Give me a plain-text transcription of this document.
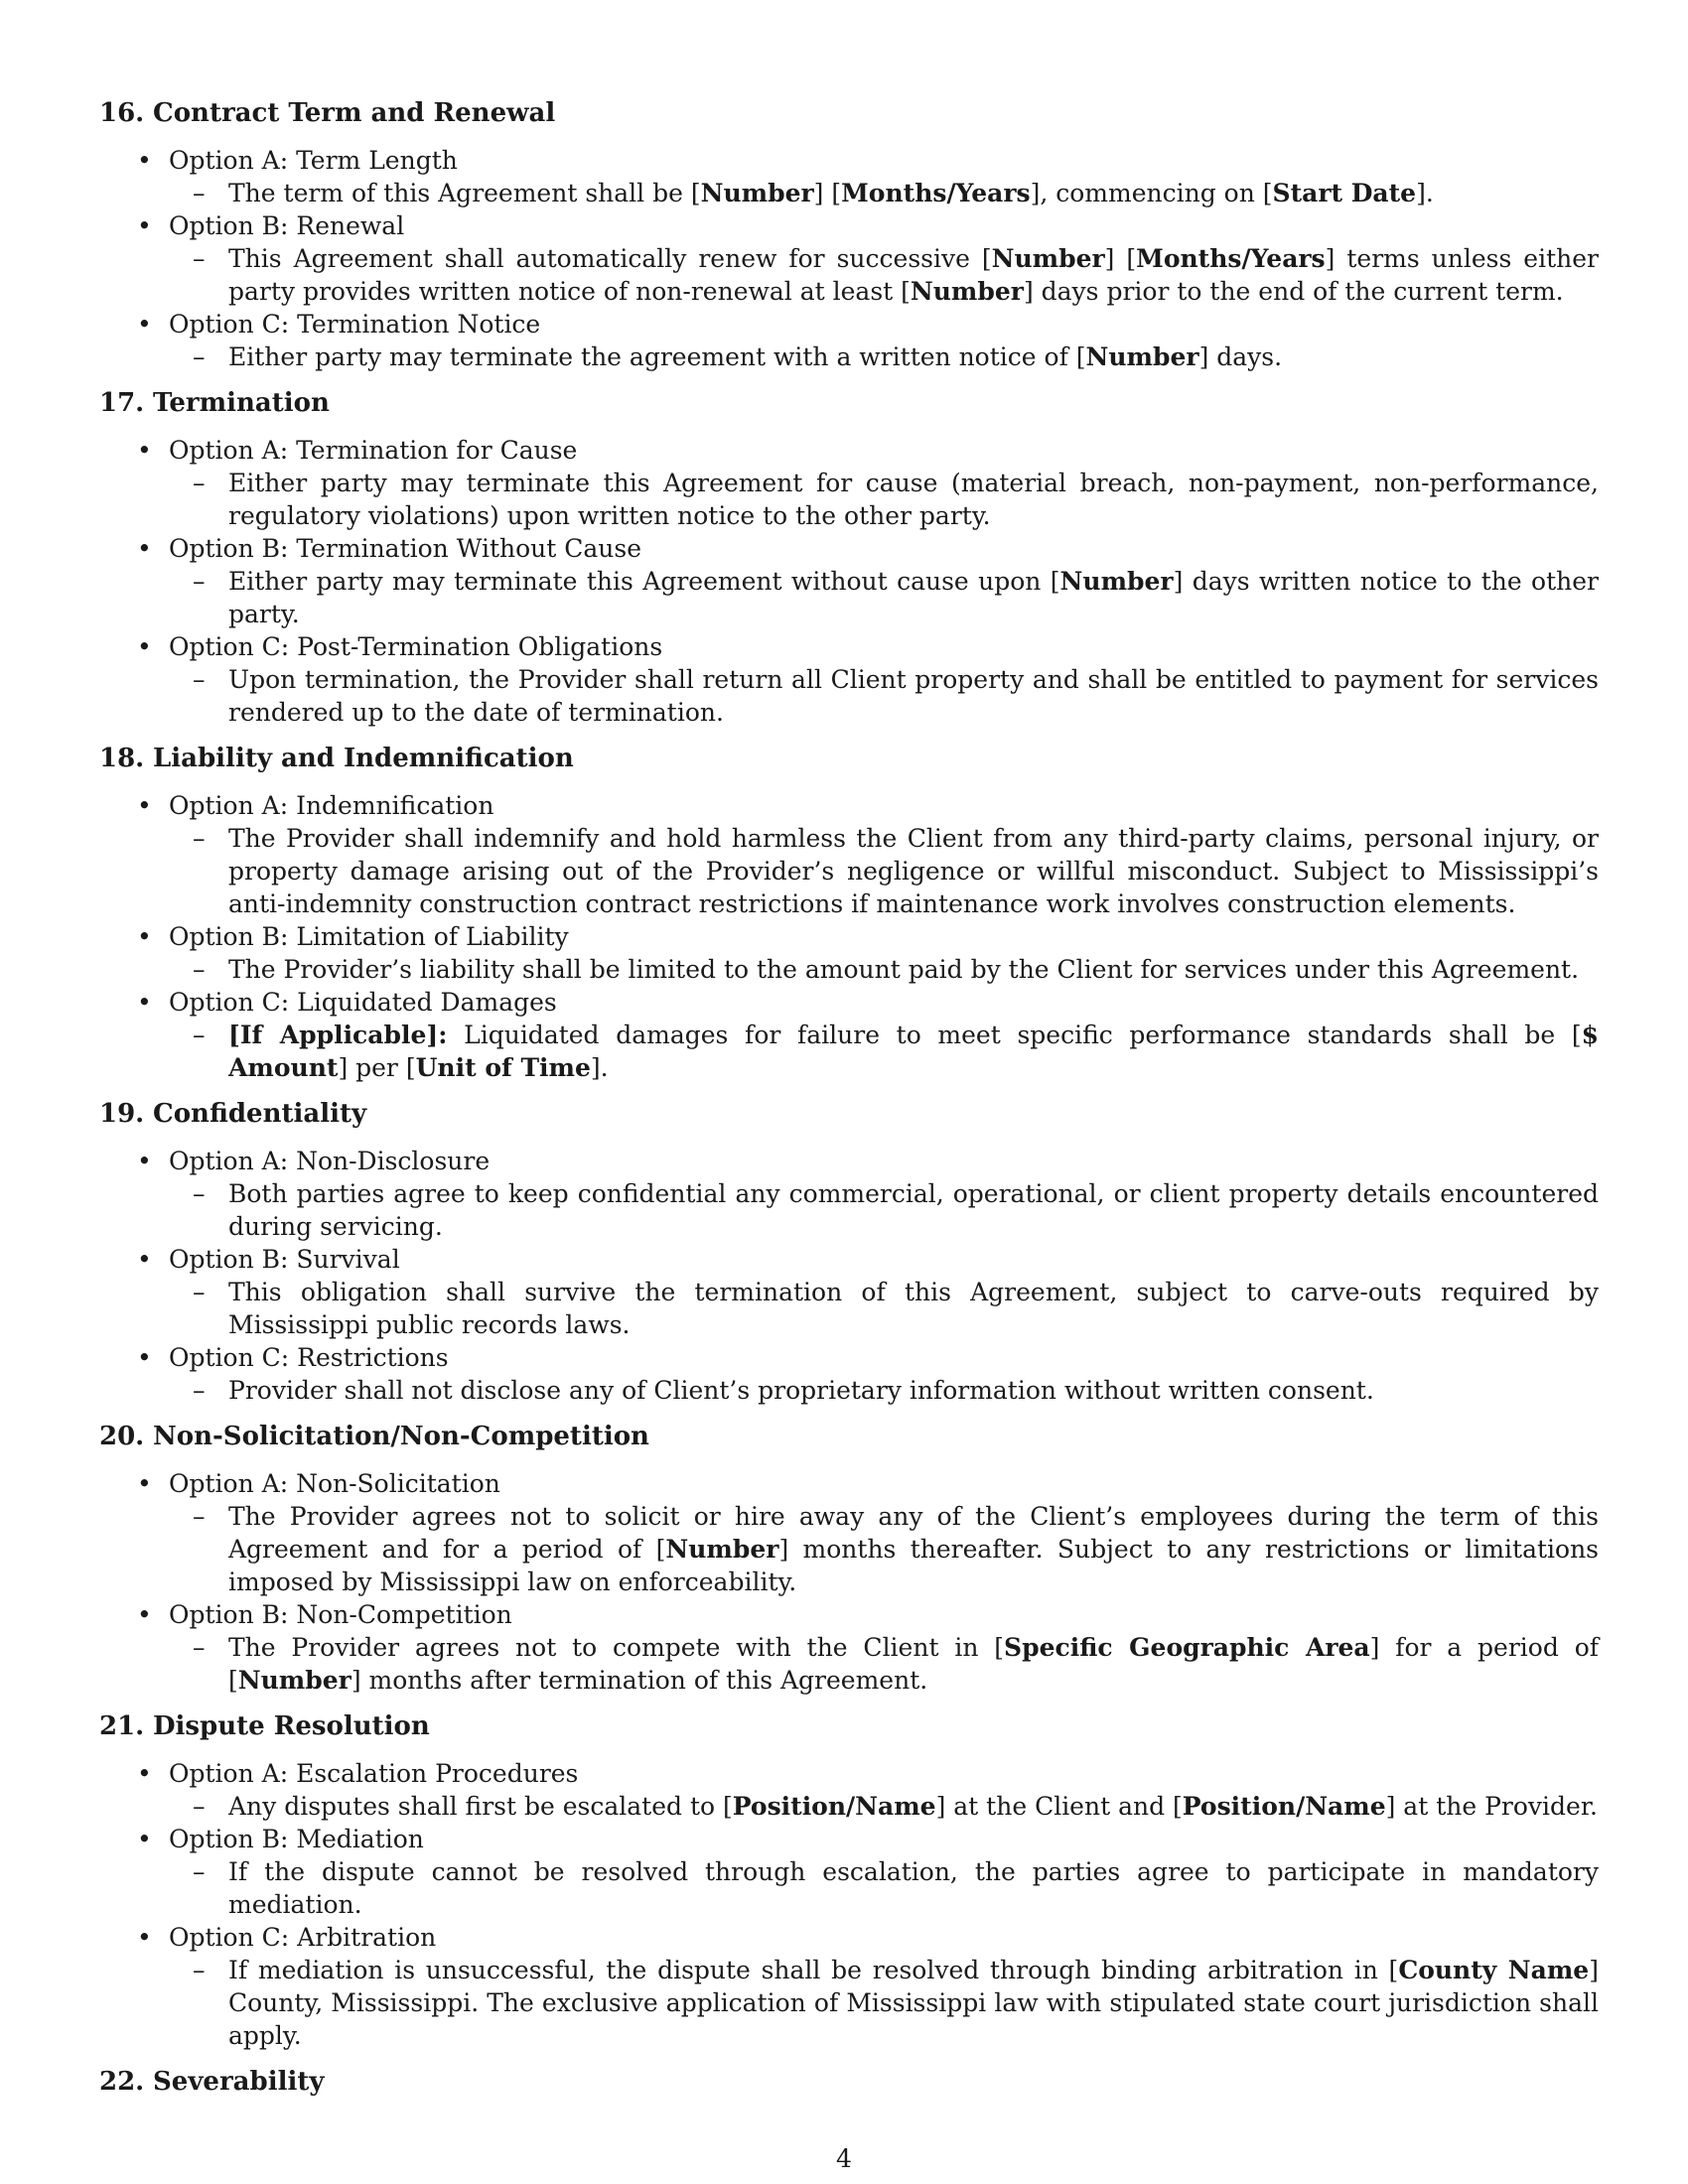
16. Contract Term and Renewal
• Option A: Term Length
– The term of this Agreement shall be [Number] [Months/Years], commencing on [Start Date].
• Option B: Renewal
– This Agreement shall automatically renew for successive [Number] [Months/Years] terms unless either party provides written notice of non-renewal at least [Number] days prior to the end of the current term.
• Option C: Termination Notice
– Either party may terminate the agreement with a written notice of [Number] days.
17. Termination
• Option A: Termination for Cause
– Either party may terminate this Agreement for cause (material breach, non-payment, non-performance, regulatory violations) upon written notice to the other party.
• Option B: Termination Without Cause
– Either party may terminate this Agreement without cause upon [Number] days written notice to the other party.
• Option C: Post-Termination Obligations
– Upon termination, the Provider shall return all Client property and shall be entitled to payment for services rendered up to the date of termination.
18. Liability and Indemnification
• Option A: Indemnification
– The Provider shall indemnify and hold harmless the Client from any third-party claims, personal injury, or property damage arising out of the Provider’s negligence or willful misconduct. Subject to Mississippi’s anti-indemnity construction contract restrictions if maintenance work involves construction elements.
• Option B: Limitation of Liability
– The Provider’s liability shall be limited to the amount paid by the Client for services under this Agreement.
• Option C: Liquidated Damages
– [If Applicable]: Liquidated damages for failure to meet specific performance standards shall be [$ Amount] per [Unit of Time].
19. Confidentiality
• Option A: Non-Disclosure
– Both parties agree to keep confidential any commercial, operational, or client property details encountered during servicing.
• Option B: Survival
– This obligation shall survive the termination of this Agreement, subject to carve-outs required by Mississippi public records laws.
• Option C: Restrictions
– Provider shall not disclose any of Client’s proprietary information without written consent.
20. Non-Solicitation/Non-Competition
• Option A: Non-Solicitation
– The Provider agrees not to solicit or hire away any of the Client’s employees during the term of this Agreement and for a period of [Number] months thereafter. Subject to any restrictions or limitations imposed by Mississippi law on enforceability.
• Option B: Non-Competition
– The Provider agrees not to compete with the Client in [Specific Geographic Area] for a period of [Number] months after termination of this Agreement.
21. Dispute Resolution
• Option A: Escalation Procedures
– Any disputes shall first be escalated to [Position/Name] at the Client and [Position/Name] at the Provider.
• Option B: Mediation
– If the dispute cannot be resolved through escalation, the parties agree to participate in mandatory mediation.
• Option C: Arbitration
– If mediation is unsuccessful, the dispute shall be resolved through binding arbitration in [County Name] County, Mississippi. The exclusive application of Mississippi law with stipulated state court jurisdiction shall apply.
22. Severability
4
